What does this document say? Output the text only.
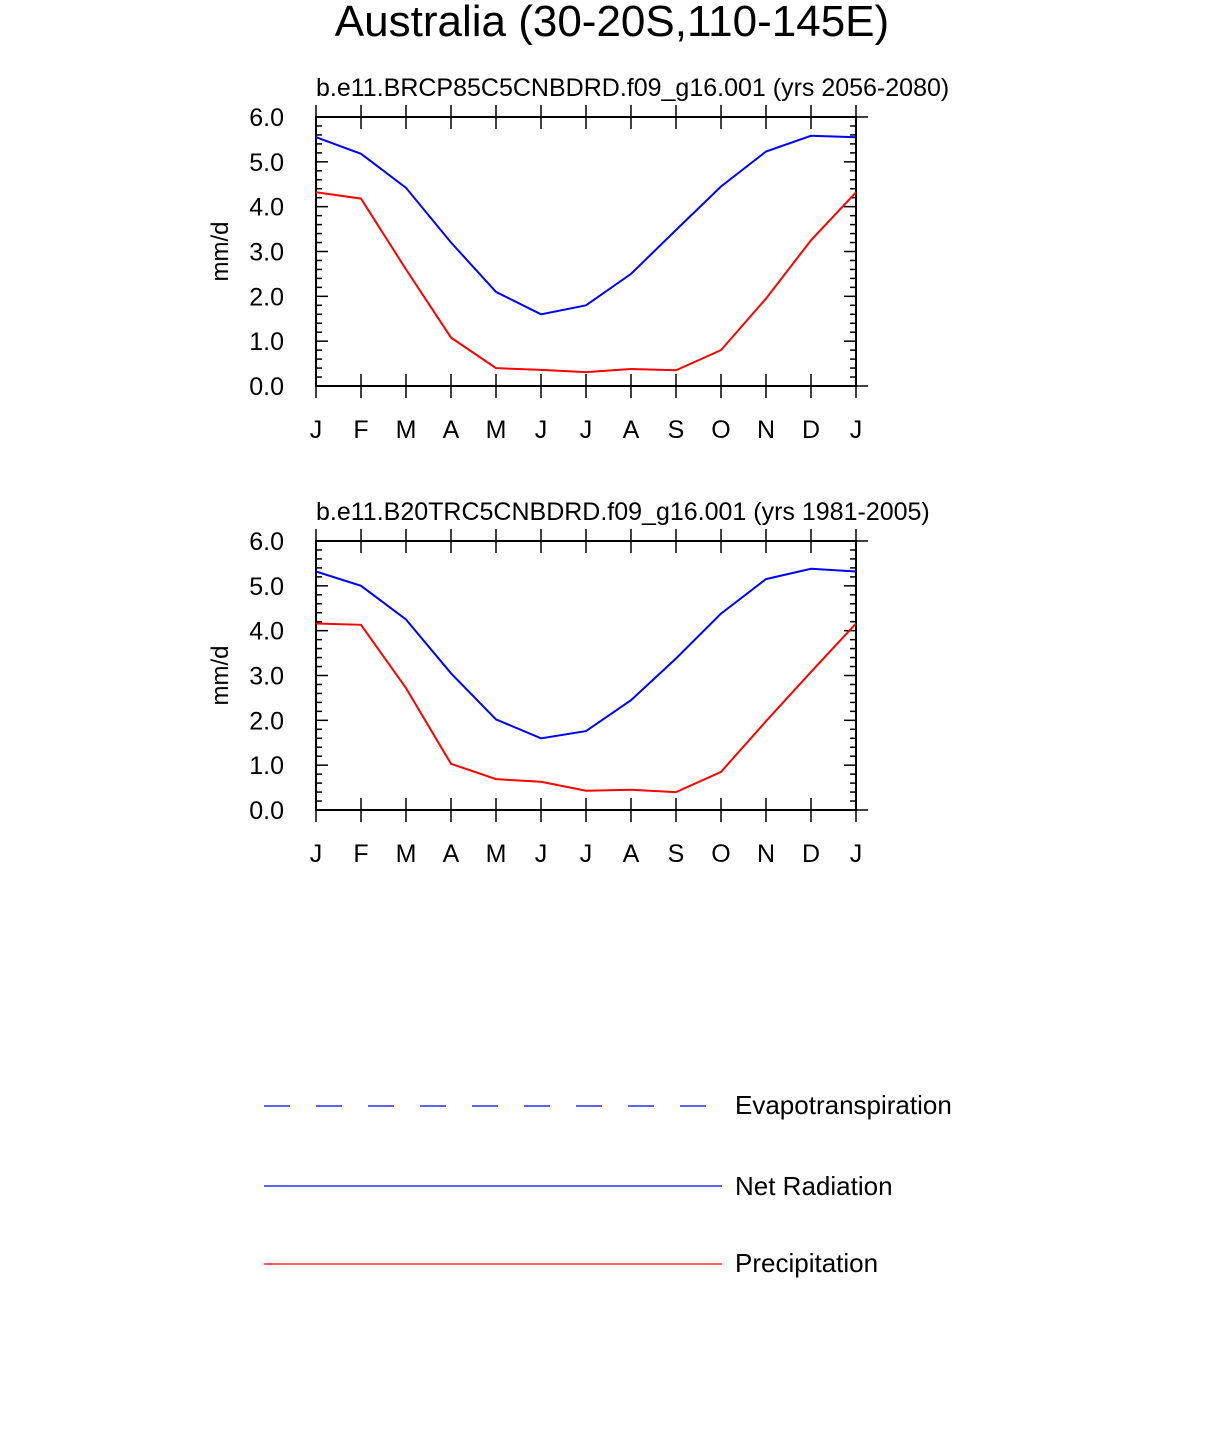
Australia (30-20S,110-145E)
b.e11.BRCP85C5CNBDRD.f09_g16.001 (yrs 2056-2080)
mm/d
0.0
1.0
2.0
3.0
4.0
5.0
6.0
J F M A M J J A S O N D J
b.e11.B20TRC5CNBDRD.f09_g16.001 (yrs 1981-2005)
mm/d
0.0
1.0
2.0
3.0
4.0
5.0
6.0
J F M A M J J A S O N D J
Evapotranspiration
Net Radiation
Precipitation
